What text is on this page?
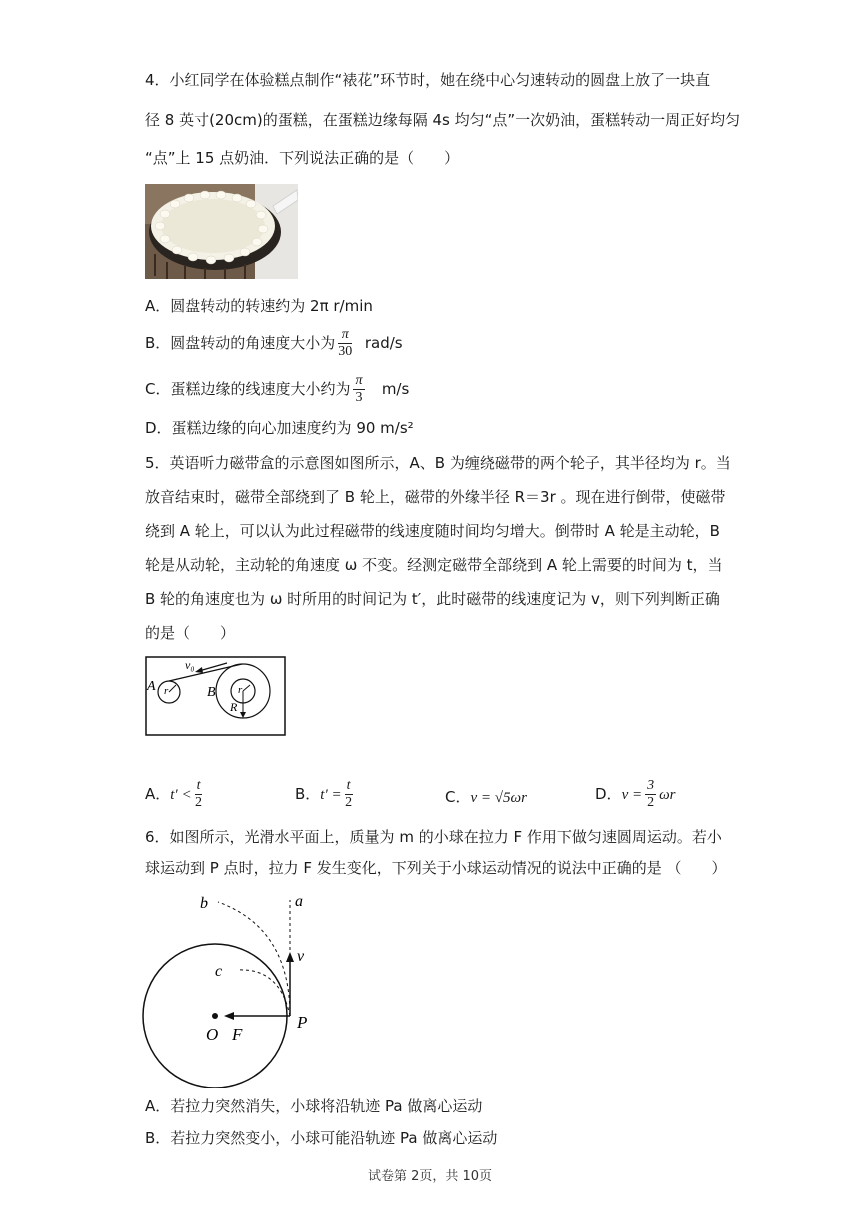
4．小红同学在体验糕点制作“裱花”环节时，她在绕中心匀速转动的圆盘上放了一块直
径 8 英寸(20cm)的蛋糕，在蛋糕边缘每隔 4s 均匀“点”一次奶油，蛋糕转动一周正好均匀
“点”上 15 点奶油．下列说法正确的是（　　）
A．圆盘转动的转速约为 2π r/min
B．圆盘转动的角速度大小为 $\frac{\pi}{30} rad/s$
C．蛋糕边缘的线速度大小约为 $\frac{\pi}{3} m/s$
D．蛋糕边缘的向心加速度约为 90 m/s²
5．英语听力磁带盒的示意图如图所示，A、B 为缠绕磁带的两个轮子，其半径均为 r。当
放音结束时，磁带全部绕到了 B 轮上，磁带的外缘半径 R＝3r 。现在进行倒带，使磁带
绕到 A 轮上，可以认为此过程磁带的线速度随时间均匀增大。倒带时 A 轮是主动轮，B
轮是从动轮，主动轮的角速度 ω 不变。经测定磁带全部绕到 A 轮上需要的时间为 t，当
B 轮的角速度也为 ω 时所用的时间记为 t′，此时磁带的线速度记为 v，则下列判断正确
的是（　　）
v₀
A r	B r
R
A．$t' < \frac{t}{2}$	B．$t' = \frac{t}{2}$	C．v = √5ωr	D．$v = \frac{3}{2}$ ωr
6．如图所示，光滑水平面上，质量为 m 的小球在拉力 F 作用下做匀速圆周运动。若小
球运动到 P 点时，拉力 F 发生变化，下列关于小球运动情况的说法中正确的是 （　　）
a
b
c
v
O F
P
A．若拉力突然消失，小球将沿轨迹 Pa 做离心运动
B．若拉力突然变小，小球可能沿轨迹 Pa 做离心运动
试卷第 2页，共 10页
